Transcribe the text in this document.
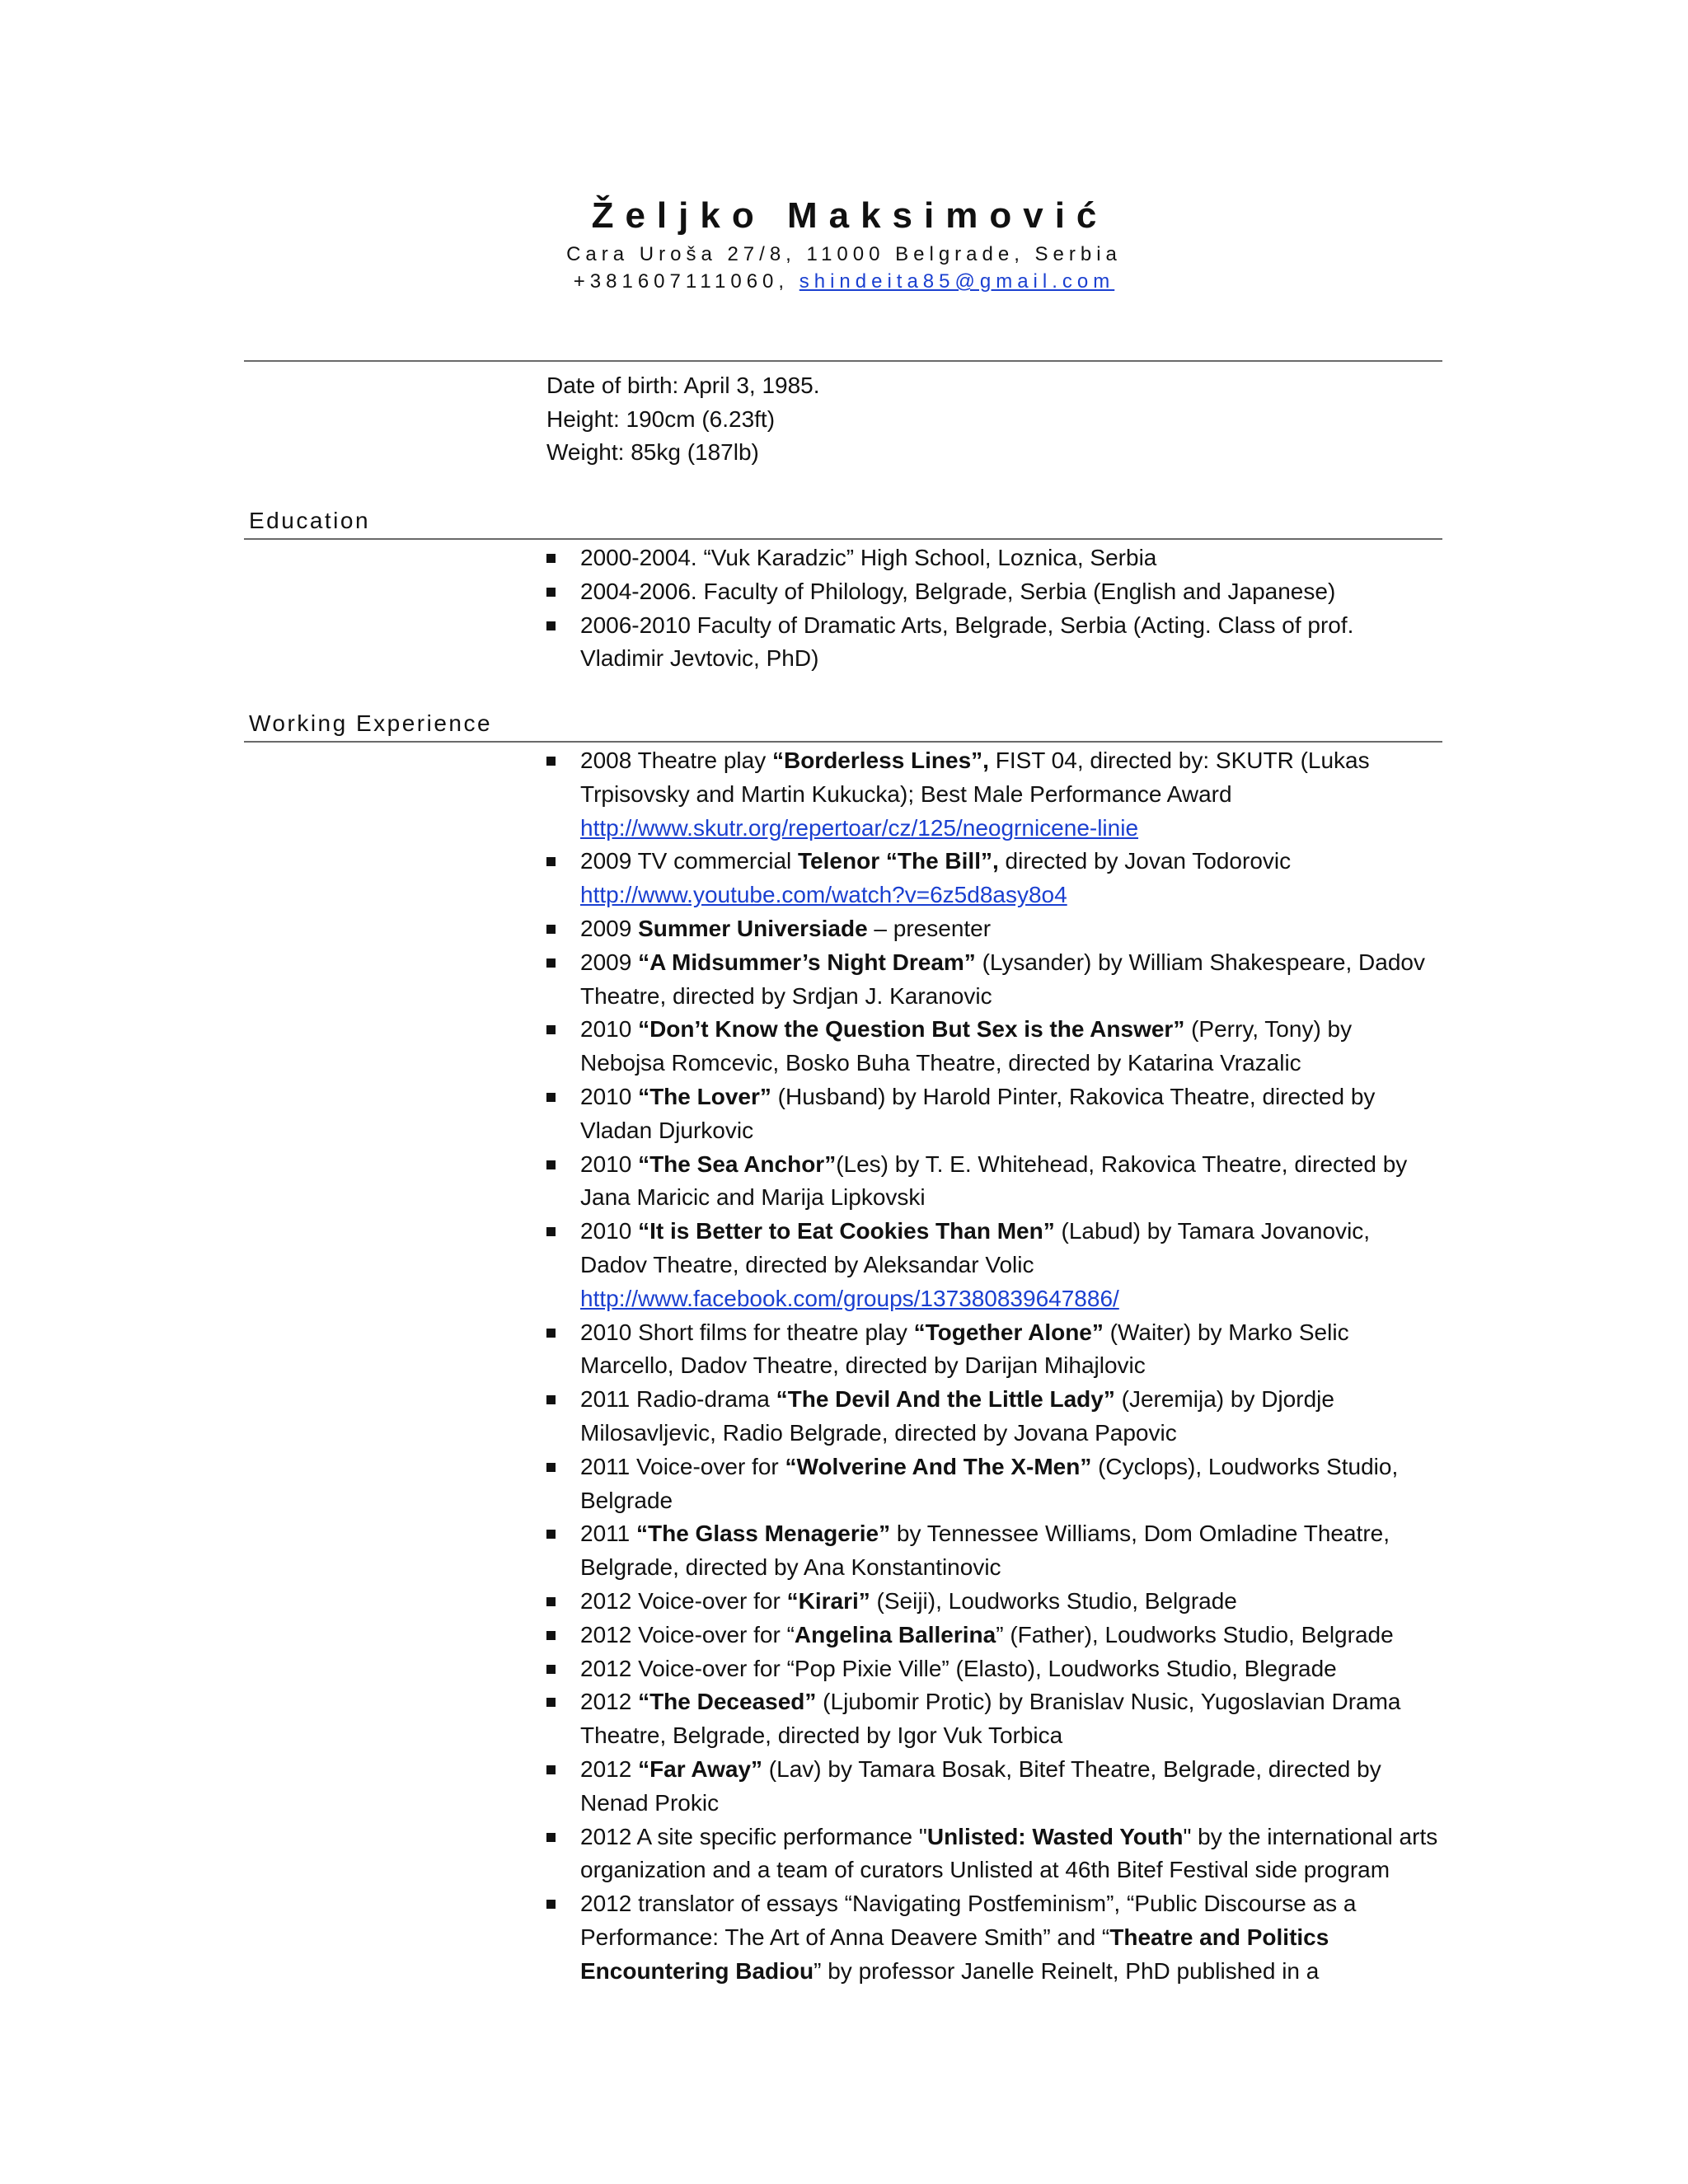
Željko Maksimović

Cara Uroša 27/8, 11000 Belgrade, Serbia

+381607111060, shindeita85@gmail.com

Date of birth: April 3, 1985.
Height: 190cm (6.23ft)
Weight: 85kg (187lb)
Education
2000-2004. “Vuk Karadzic” High School, Loznica, Serbia
2004-2006. Faculty of Philology, Belgrade, Serbia (English and Japanese)
2006-2010 Faculty of Dramatic Arts, Belgrade, Serbia (Acting. Class of prof. Vladimir Jevtovic, PhD)
Working Experience
2008 Theatre play “Borderless Lines”, FIST 04, directed by: SKUTR (Lukas Trpisovsky and Martin Kukucka); Best Male Performance Award http://www.skutr.org/repertoar/cz/125/neogrnicene-linie
2009 TV commercial Telenor “The Bill”, directed by Jovan Todorovic http://www.youtube.com/watch?v=6z5d8asy8o4
2009 Summer Universiade – presenter
2009 “A Midsummer’s Night Dream” (Lysander) by William Shakespeare, Dadov Theatre, directed by Srdjan J. Karanovic
2010 “Don’t Know the Question But Sex is the Answer” (Perry, Tony) by Nebojsa Romcevic, Bosko Buha Theatre, directed by Katarina Vrazalic
2010 “The Lover” (Husband) by Harold Pinter, Rakovica Theatre, directed by Vladan Djurkovic
2010 “The Sea Anchor”(Les) by T. E. Whitehead, Rakovica Theatre, directed by Jana Maricic and Marija Lipkovski
2010 “It is Better to Eat Cookies Than Men” (Labud) by Tamara Jovanovic, Dadov Theatre, directed by Aleksandar Volic http://www.facebook.com/groups/137380839647886/
2010 Short films for theatre play “Together Alone” (Waiter) by Marko Selic Marcello, Dadov Theatre, directed by Darijan Mihajlovic
2011 Radio-drama “The Devil And the Little Lady” (Jeremija) by Djordje Milosavljevic, Radio Belgrade, directed by Jovana Papovic
2011 Voice-over for “Wolverine And The X-Men” (Cyclops), Loudworks Studio, Belgrade
2011 “The Glass Menagerie” by Tennessee Williams, Dom Omladine Theatre, Belgrade, directed by Ana Konstantinovic
2012 Voice-over for “Kirari” (Seiji), Loudworks Studio, Belgrade
2012 Voice-over for “Angelina Ballerina” (Father), Loudworks Studio, Belgrade
2012 Voice-over for “Pop Pixie Ville” (Elasto), Loudworks Studio, Blegrade
2012 “The Deceased” (Ljubomir Protic) by Branislav Nusic, Yugoslavian Drama Theatre, Belgrade, directed by Igor Vuk Torbica
2012 “Far Away” (Lav) by Tamara Bosak, Bitef Theatre, Belgrade, directed by Nenad Prokic
2012 A site specific performance "Unlisted: Wasted Youth" by the international arts organization and a team of curators Unlisted at 46th Bitef Festival side program
2012 translator of essays “Navigating Postfeminism”, “Public Discourse as a Performance: The Art of Anna Deavere Smith” and “Theatre and Politics Encountering Badiou” by professor Janelle Reinelt, PhD published in a
